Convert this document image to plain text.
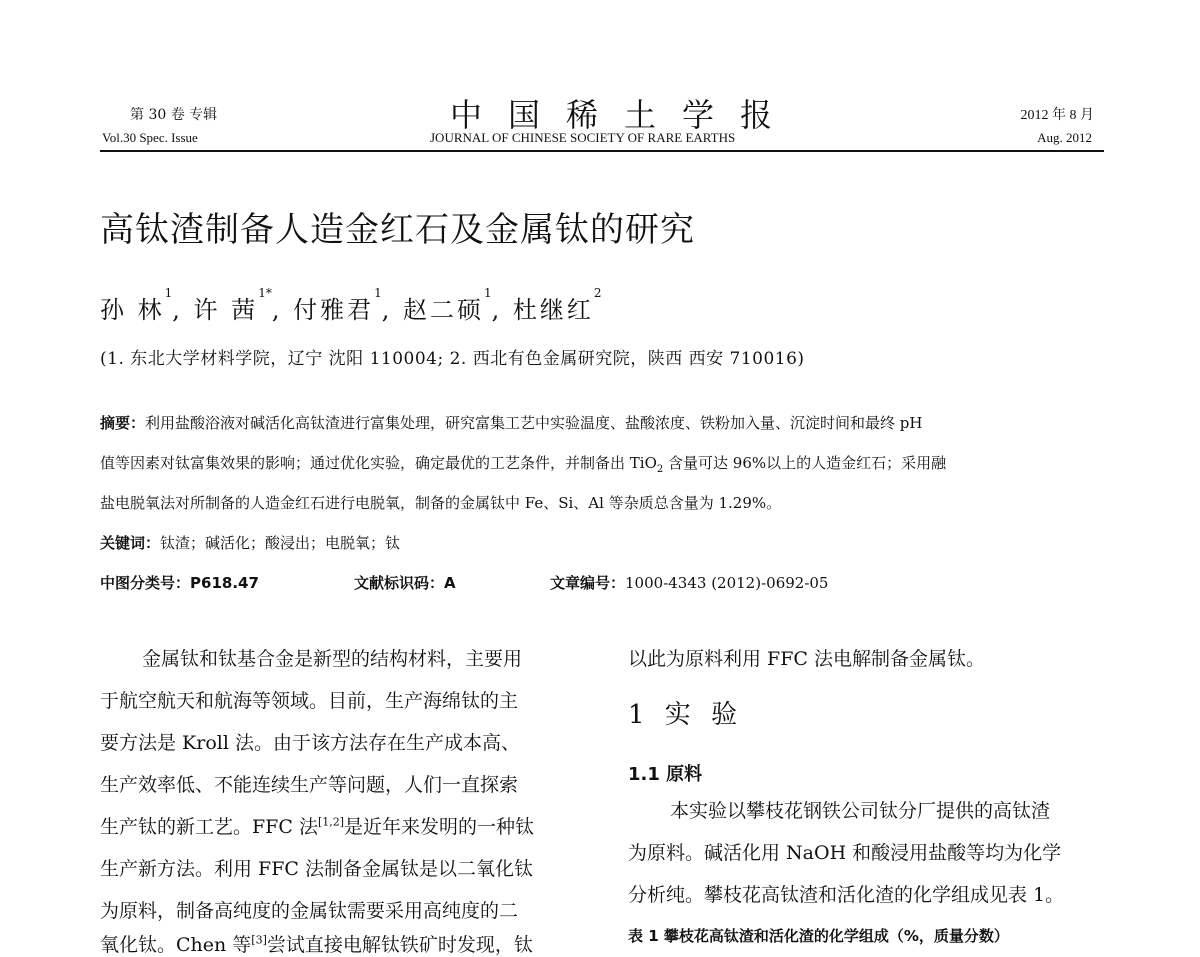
第 30 卷 专辑
Vol.30 Spec. Issue
中国稀土学报
JOURNAL OF CHINESE SOCIETY OF RARE EARTHS
2012 年 8 月
Aug. 2012
高钛渣制备人造金红石及金属钛的研究
孙 林$^1$, 许 茜$^{1*}$, 付雅君$^1$, 赵二硕$^1$, 杜继红$^2$
(1. 东北大学材料学院，辽宁 沈阳 110004; 2. 西北有色金属研究院，陕西 西安 710016)
摘要：利用盐酸浴液对碱活化高钛渣进行富集处理，研究富集工艺中实验温度、盐酸浓度、铁粉加入量、沉淀时间和最终 pH
值等因素对钛富集效果的影响；通过优化实验，确定最优的工艺条件，并制备出 TiO$_2$ 含量可达 96%以上的人造金红石；采用融
盐电脱氧法对所制备的人造金红石进行电脱氧，制备的金属钛中 Fe、Si、Al 等杂质总含量为 1.29%。
关键词：钛渣；碱活化；酸浸出；电脱氧；钛
中图分类号：P618.47	文献标识码：A	文章编号：1000-4343 (2012)-0692-05
金属钛和钛基合金是新型的结构材料，主要用
于航空航天和航海等领域。目前，生产海绵钛的主
要方法是 Kroll 法。由于该方法存在生产成本高、
生产效率低、不能连续生产等问题，人们一直探索
生产钛的新工艺。FFC 法[1,2]是近年来发明的一种钛
生产新方法。利用 FFC 法制备金属钛是以二氧化钛
为原料，制备高纯度的金属钛需要采用高纯度的二
氧化钛。Chen 等[3]尝试直接电解钛铁矿时发现，钛
以此为原料利用 FFC 法电解制备金属钛。
1 实 验
1.1 原料
本实验以攀枝花钢铁公司钛分厂提供的高钛渣
为原料。碱活化用 NaOH 和酸浸用盐酸等均为化学
分析纯。攀枝花高钛渣和活化渣的化学组成见表 1。
表 1 攀枝花高钛渣和活化渣的化学组成（%，质量分数）
